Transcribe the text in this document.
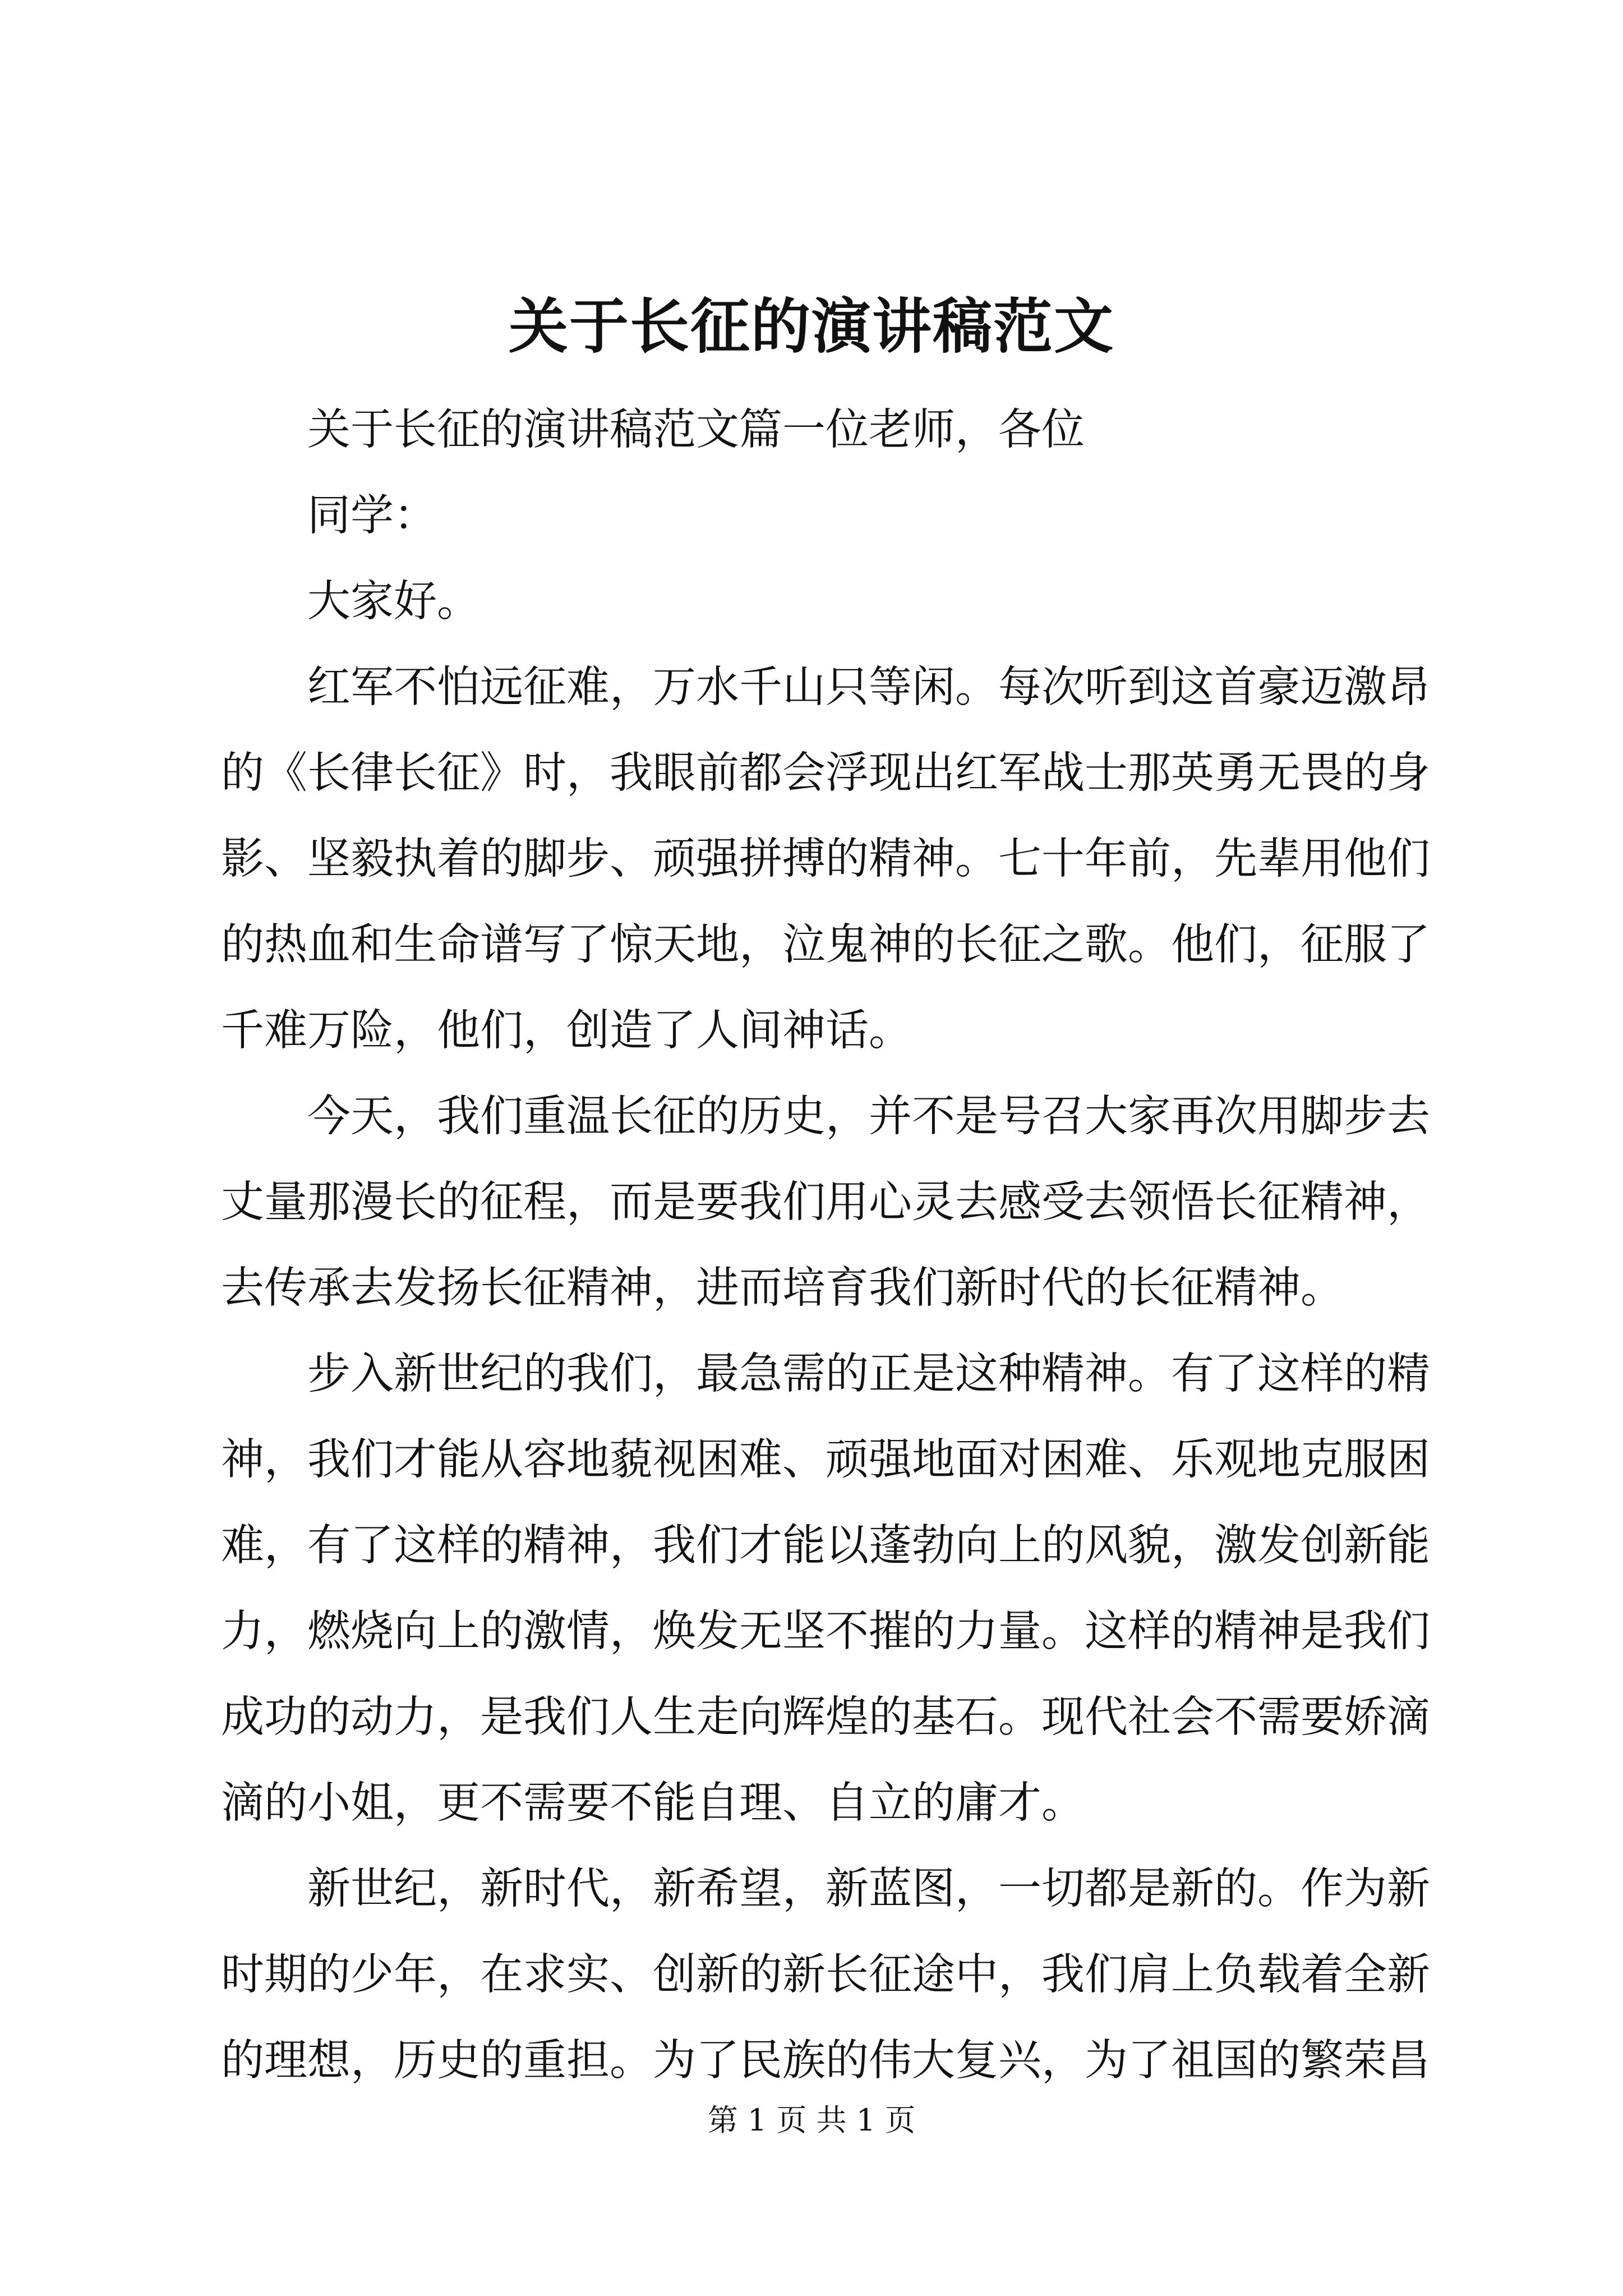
关于长征的演讲稿范文

关于长征的演讲稿范文篇一位老师，各位

同学：

大家好。

红军不怕远征难，万水千山只等闲。每次听到这首豪迈激昂的《长律长征》时，我眼前都会浮现出红军战士那英勇无畏的身影、坚毅执着的脚步、顽强拼搏的精神。七十年前，先辈用他们的热血和生命谱写了惊天地，泣鬼神的长征之歌。他们，征服了千难万险，他们，创造了人间神话。

今天，我们重温长征的历史，并不是号召大家再次用脚步去丈量那漫长的征程，而是要我们用心灵去感受去领悟长征精神，去传承去发扬长征精神，进而培育我们新时代的长征精神。

步入新世纪的我们，最急需的正是这种精神。有了这样的精神，我们才能从容地藐视困难、顽强地面对困难、乐观地克服困难，有了这样的精神，我们才能以蓬勃向上的风貌，激发创新能力，燃烧向上的激情，焕发无坚不摧的力量。这样的精神是我们成功的动力，是我们人生走向辉煌的基石。现代社会不需要娇滴滴的小姐，更不需要不能自理、自立的庸才。

新世纪，新时代，新希望，新蓝图，一切都是新的。作为新时期的少年，在求实、创新的新长征途中，我们肩上负载着全新的理想，历史的重担。为了民族的伟大复兴，为了祖国的繁荣昌

第 1 页 共 1 页
